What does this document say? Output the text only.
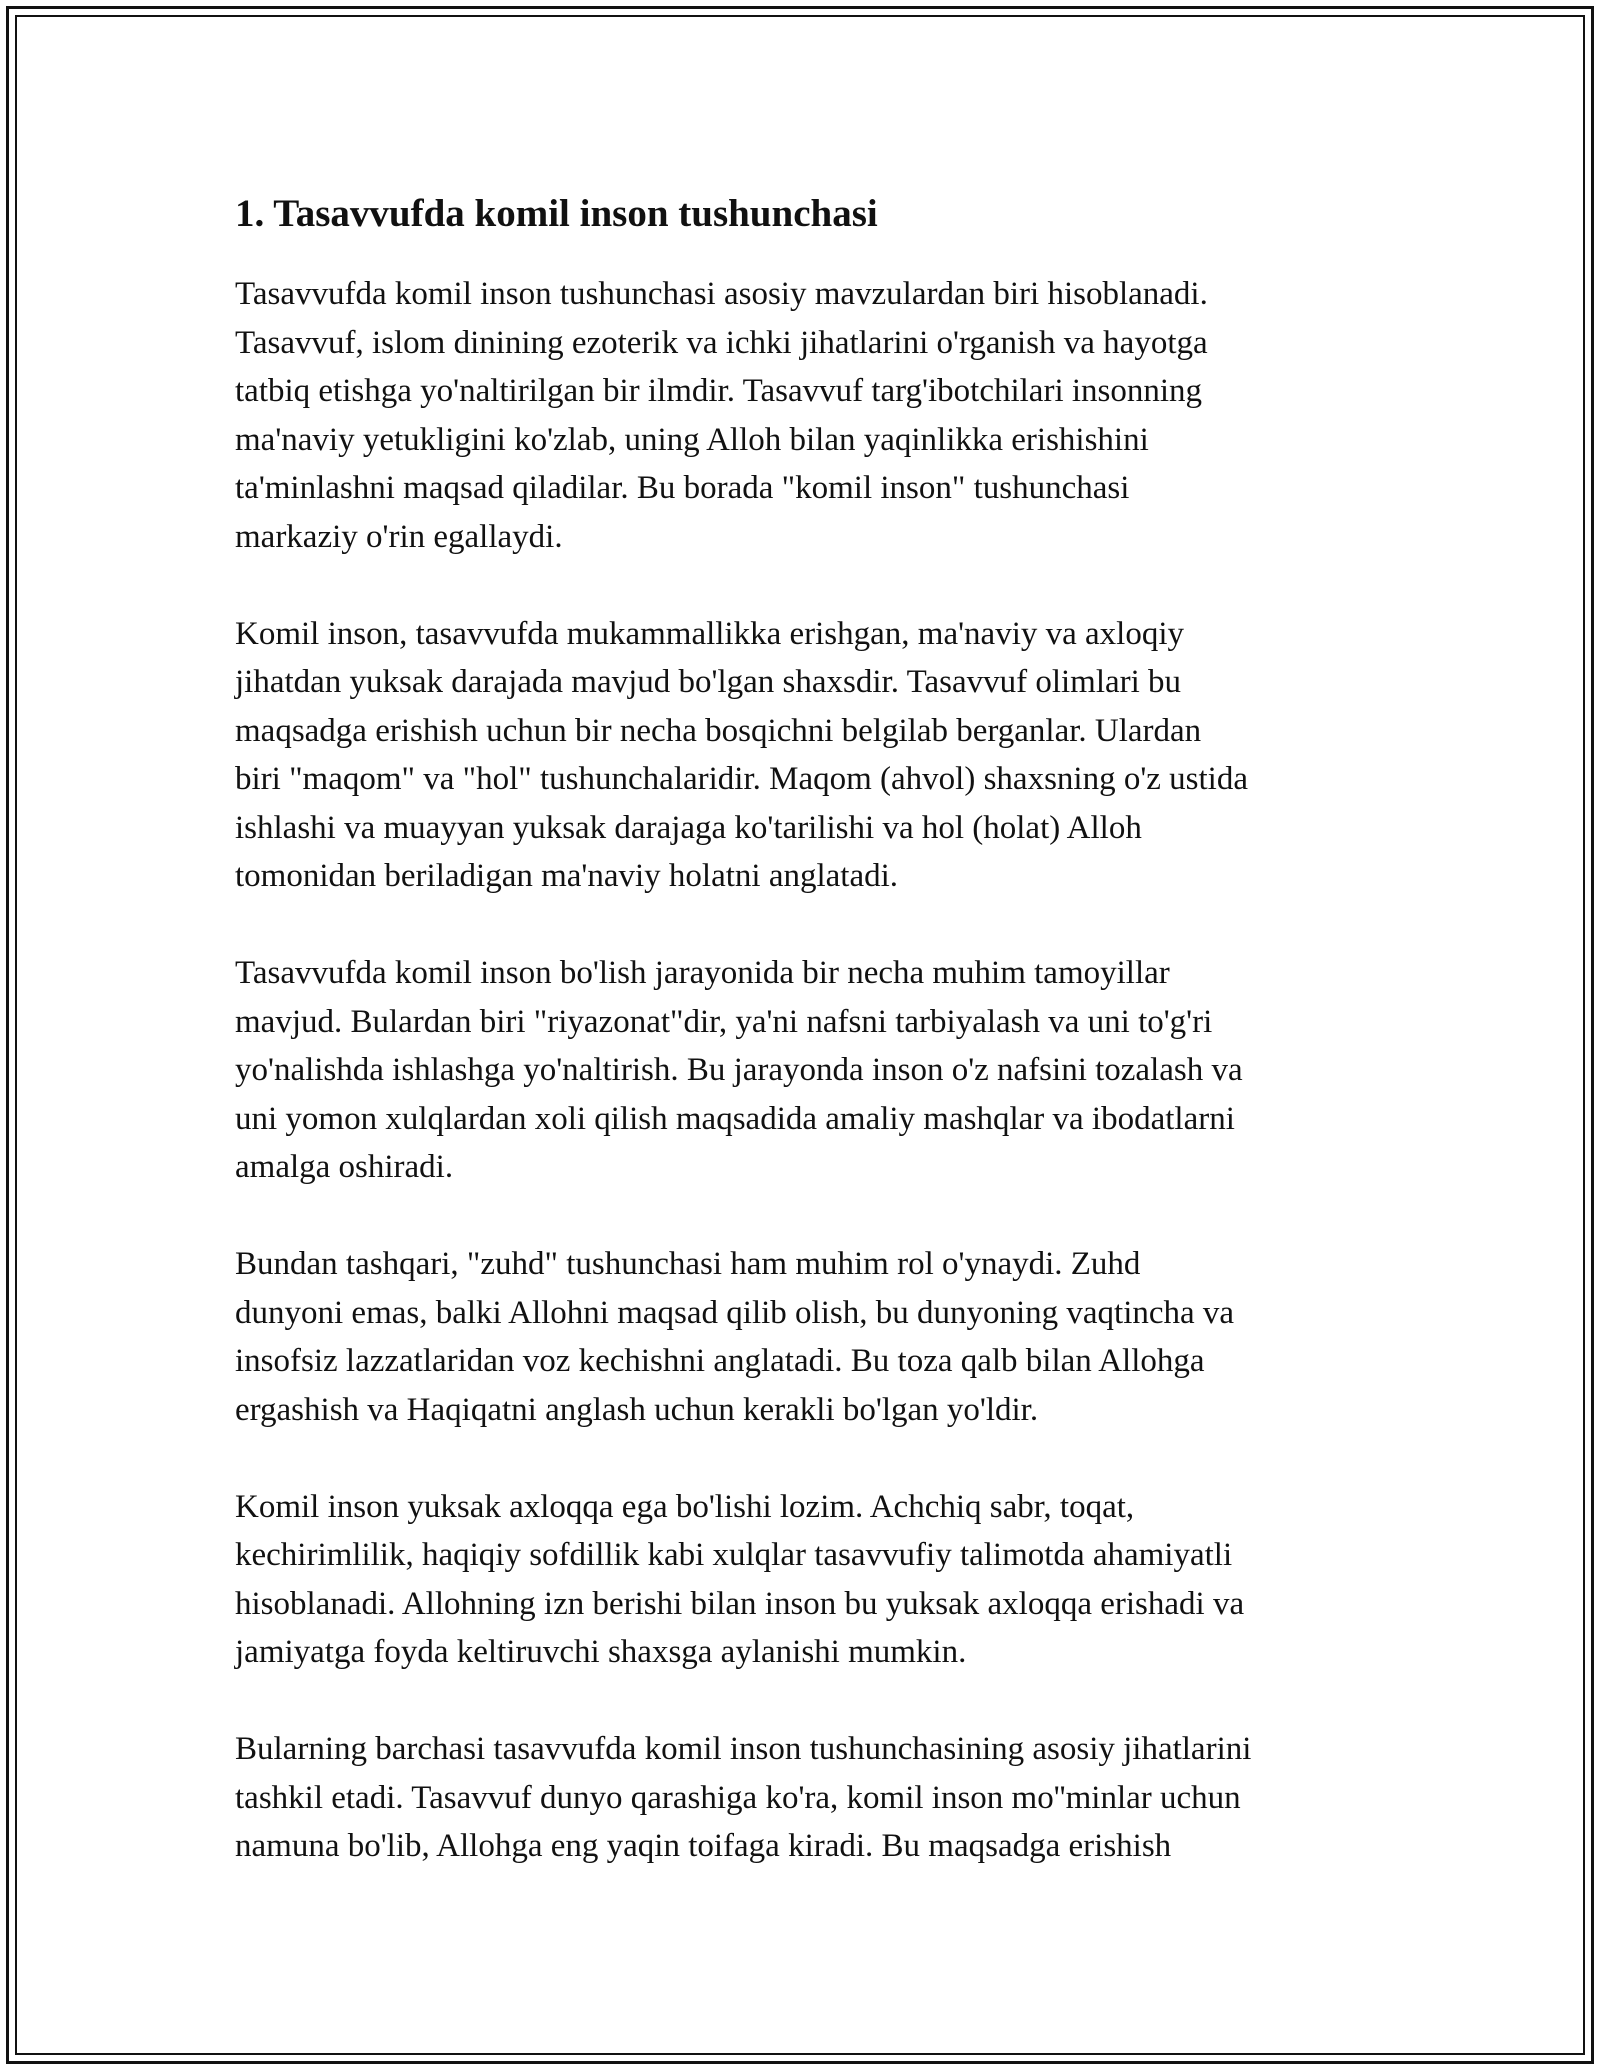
1. Tasavvufda komil inson tushunchasi
Tasavvufda komil inson tushunchasi asosiy mavzulardan biri hisoblanadi.
Tasavvuf, islom dinining ezoterik va ichki jihatlarini o'rganish va hayotga
tatbiq etishga yo'naltirilgan bir ilmdir. Tasavvuf targ'ibotchilari insonning
ma'naviy yetukligini ko'zlab, uning Alloh bilan yaqinlikka erishishini
ta'minlashni maqsad qiladilar. Bu borada "komil inson" tushunchasi
markaziy o'rin egallaydi.
Komil inson, tasavvufda mukammallikka erishgan, ma'naviy va axloqiy
jihatdan yuksak darajada mavjud bo'lgan shaxsdir. Tasavvuf olimlari bu
maqsadga erishish uchun bir necha bosqichni belgilab berganlar. Ulardan
biri "maqom" va "hol" tushunchalaridir. Maqom (ahvol) shaxsning o'z ustida
ishlashi va muayyan yuksak darajaga ko'tarilishi va hol (holat) Alloh
tomonidan beriladigan ma'naviy holatni anglatadi.
Tasavvufda komil inson bo'lish jarayonida bir necha muhim tamoyillar
mavjud. Bulardan biri "riyazonat"dir, ya'ni nafsni tarbiyalash va uni to'g'ri
yo'nalishda ishlashga yo'naltirish. Bu jarayonda inson o'z nafsini tozalash va
uni yomon xulqlardan xoli qilish maqsadida amaliy mashqlar va ibodatlarni
amalga oshiradi.
Bundan tashqari, "zuhd" tushunchasi ham muhim rol o'ynaydi. Zuhd
dunyoni emas, balki Allohni maqsad qilib olish, bu dunyoning vaqtincha va
insofsiz lazzatlaridan voz kechishni anglatadi. Bu toza qalb bilan Allohga
ergashish va Haqiqatni anglash uchun kerakli bo'lgan yo'ldir.
Komil inson yuksak axloqqa ega bo'lishi lozim. Achchiq sabr, toqat,
kechirimlilik, haqiqiy sofdillik kabi xulqlar tasavvufiy talimotda ahamiyatli
hisoblanadi. Allohning izn berishi bilan inson bu yuksak axloqqa erishadi va
jamiyatga foyda keltiruvchi shaxsga aylanishi mumkin.
Bularning barchasi tasavvufda komil inson tushunchasining asosiy jihatlarini
tashkil etadi. Tasavvuf dunyo qarashiga ko'ra, komil inson mo''minlar uchun
namuna bo'lib, Allohga eng yaqin toifaga kiradi. Bu maqsadga erishish
